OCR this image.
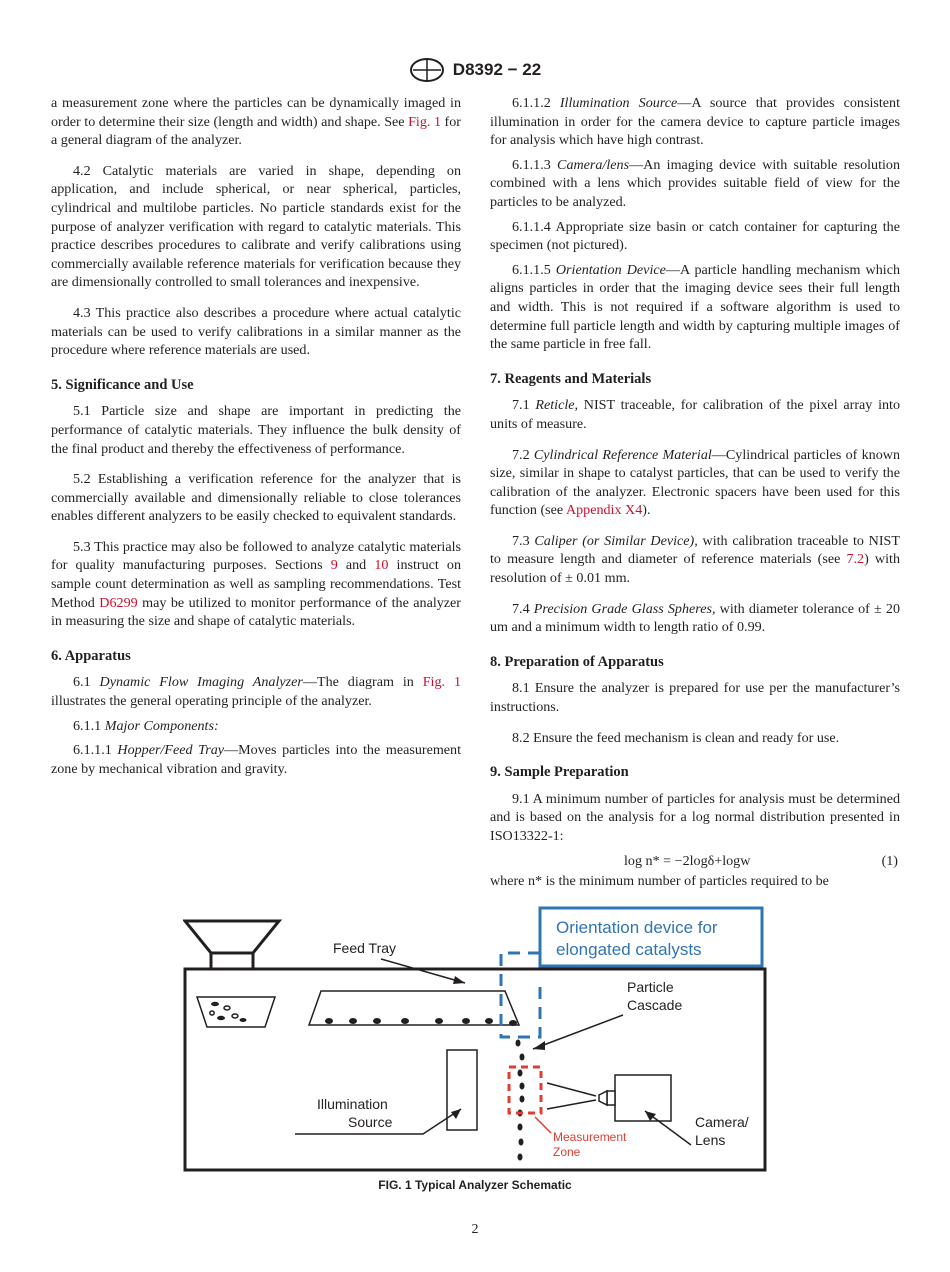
D8392 − 22

a measurement zone where the particles can be dynamically imaged in order to determine their size (length and width) and shape. See Fig. 1 for a general diagram of the analyzer.

4.2 Catalytic materials are varied in shape, depending on application, and include spherical, or near spherical, particles, cylindrical and multilobe particles. No particle standards exist for the purpose of analyzer verification with regard to catalytic materials. This practice describes procedures to calibrate and verify calibrations using commercially available reference materials for verification because they are dimensionally controlled to small tolerances and inexpensive.

4.3 This practice also describes a procedure where actual catalytic materials can be used to verify calibrations in a similar manner as the procedure where reference materials are used.

5. Significance and Use

5.1 Particle size and shape are important in predicting the performance of catalytic materials. They influence the bulk density of the final product and thereby the effectiveness of performance.

5.2 Establishing a verification reference for the analyzer that is commercially available and dimensionally reliable to close tolerances enables different analyzers to be easily checked to equivalent standards.

5.3 This practice may also be followed to analyze catalytic materials for quality manufacturing purposes. Sections 9 and 10 instruct on sample count determination as well as sampling recommendations. Test Method D6299 may be utilized to monitor performance of the analyzer in measuring the size and shape of catalytic materials.

6. Apparatus

6.1 Dynamic Flow Imaging Analyzer—The diagram in Fig. 1 illustrates the general operating principle of the analyzer.

6.1.1 Major Components:

6.1.1.1 Hopper/Feed Tray—Moves particles into the measurement zone by mechanical vibration and gravity.

6.1.1.2 Illumination Source—A source that provides consistent illumination in order for the camera device to capture particle images for analysis which have high contrast.

6.1.1.3 Camera/lens—An imaging device with suitable resolution combined with a lens which provides suitable field of view for the particles to be analyzed.

6.1.1.4 Appropriate size basin or catch container for capturing the specimen (not pictured).

6.1.1.5 Orientation Device—A particle handling mechanism which aligns particles in order that the imaging device sees their full length and width. This is not required if a software algorithm is used to determine full particle length and width by capturing multiple images of the same particle in free fall.

7. Reagents and Materials

7.1 Reticle, NIST traceable, for calibration of the pixel array into units of measure.

7.2 Cylindrical Reference Material—Cylindrical particles of known size, similar in shape to catalyst particles, that can be used to verify the calibration of the analyzer. Electronic spacers have been used for this function (see Appendix X4).

7.3 Caliper (or Similar Device), with calibration traceable to NIST to measure length and diameter of reference materials (see 7.2) with resolution of ± 0.01 mm.

7.4 Precision Grade Glass Spheres, with diameter tolerance of ± 20 um and a minimum width to length ratio of 0.99.

8. Preparation of Apparatus

8.1 Ensure the analyzer is prepared for use per the manufacturer’s instructions.

8.2 Ensure the feed mechanism is clean and ready for use.

9. Sample Preparation

9.1 A minimum number of particles for analysis must be determined and is based on the analysis for a log normal distribution presented in ISO13322-1:

log n* = −2logδ+logw	(1)

where n* is the minimum number of particles required to be

Feed Tray
Orientation device for
elongated catalysts
Particle
Cascade
Measurement
Zone
Illumination
Source	Camera/
Lens
FIG. 1 Typical Analyzer Schematic
2
